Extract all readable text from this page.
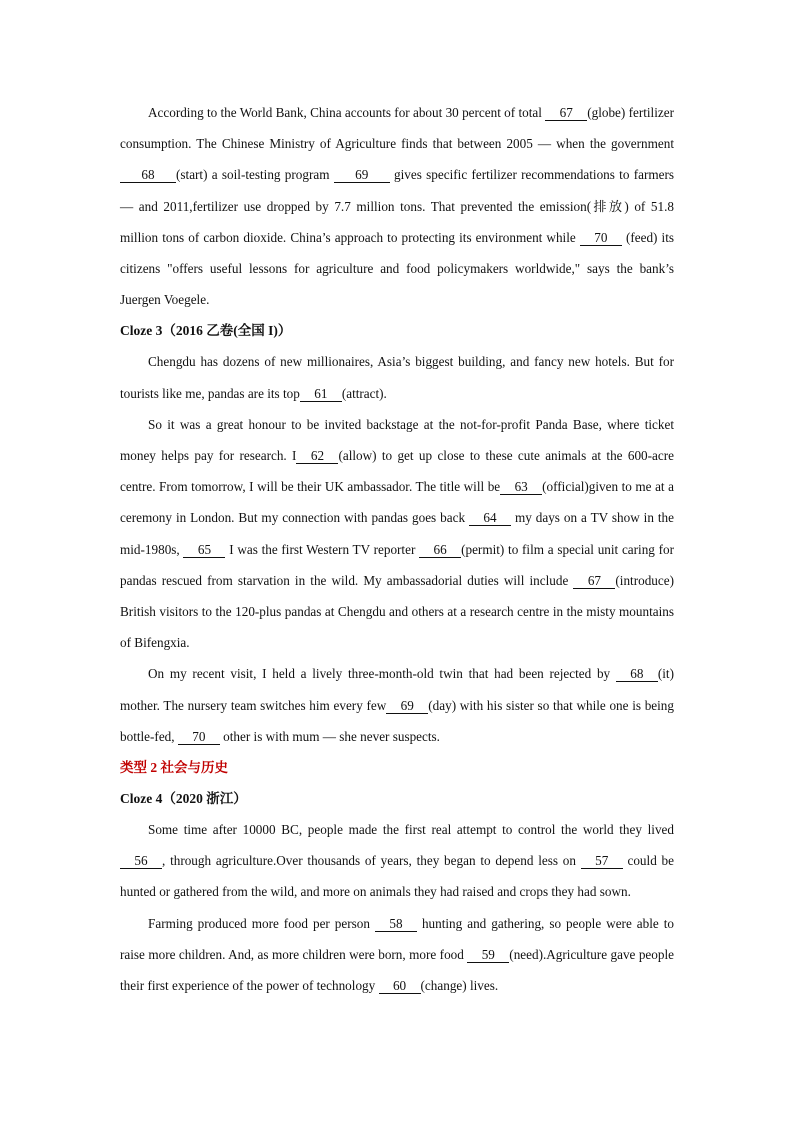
According to the World Bank, China accounts for about 30 percent of total 67 (globe) fertilizer consumption. The Chinese Ministry of Agriculture finds that between 2005 — when the government 68 (start) a soil-testing program 69 gives specific fertilizer recommendations to farmers — and 2011,fertilizer use dropped by 7.7 million tons. That prevented the emission(排放) of 51.8 million tons of carbon dioxide. China’s approach to protecting its environment while 70 (feed) its citizens "offers useful lessons for agriculture and food policymakers worldwide," says the bank’s Juergen Voegele.

Cloze 3（2016 乙卷(全国 I)）

Chengdu has dozens of new millionaires, Asia’s biggest building, and fancy new hotels. But for tourists like me, pandas are its top 61 (attract).

So it was a great honour to be invited backstage at the not-for-profit Panda Base, where ticket money helps pay for research. I 62 (allow) to get up close to these cute animals at the 600-acre centre. From tomorrow, I will be their UK ambassador. The title will be 63 (official)given to me at a ceremony in London. But my connection with pandas goes back 64 my days on a TV show in the mid-1980s, 65 I was the first Western TV reporter 66 (permit) to film a special unit caring for pandas rescued from starvation in the wild. My ambassadorial duties will include 67 (introduce) British visitors to the 120-plus pandas at Chengdu and others at a research centre in the misty mountains of Bifengxia.

On my recent visit, I held a lively three-month-old twin that had been rejected by 68 (it) mother. The nursery team switches him every few 69 (day) with his sister so that while one is being bottle-fed, 70 other is with mum — she never suspects.

类型 2 社会与历史

Cloze 4（2020 浙江）

Some time after 10000 BC, people made the first real attempt to control the world they lived 56 , through agriculture.Over thousands of years, they began to depend less on 57 could be hunted or gathered from the wild, and more on animals they had raised and crops they had sown.

Farming produced more food per person 58 hunting and gathering, so people were able to raise more children. And, as more children were born, more food 59 (need).Agriculture gave people their first experience of the power of technology 60 (change) lives.
